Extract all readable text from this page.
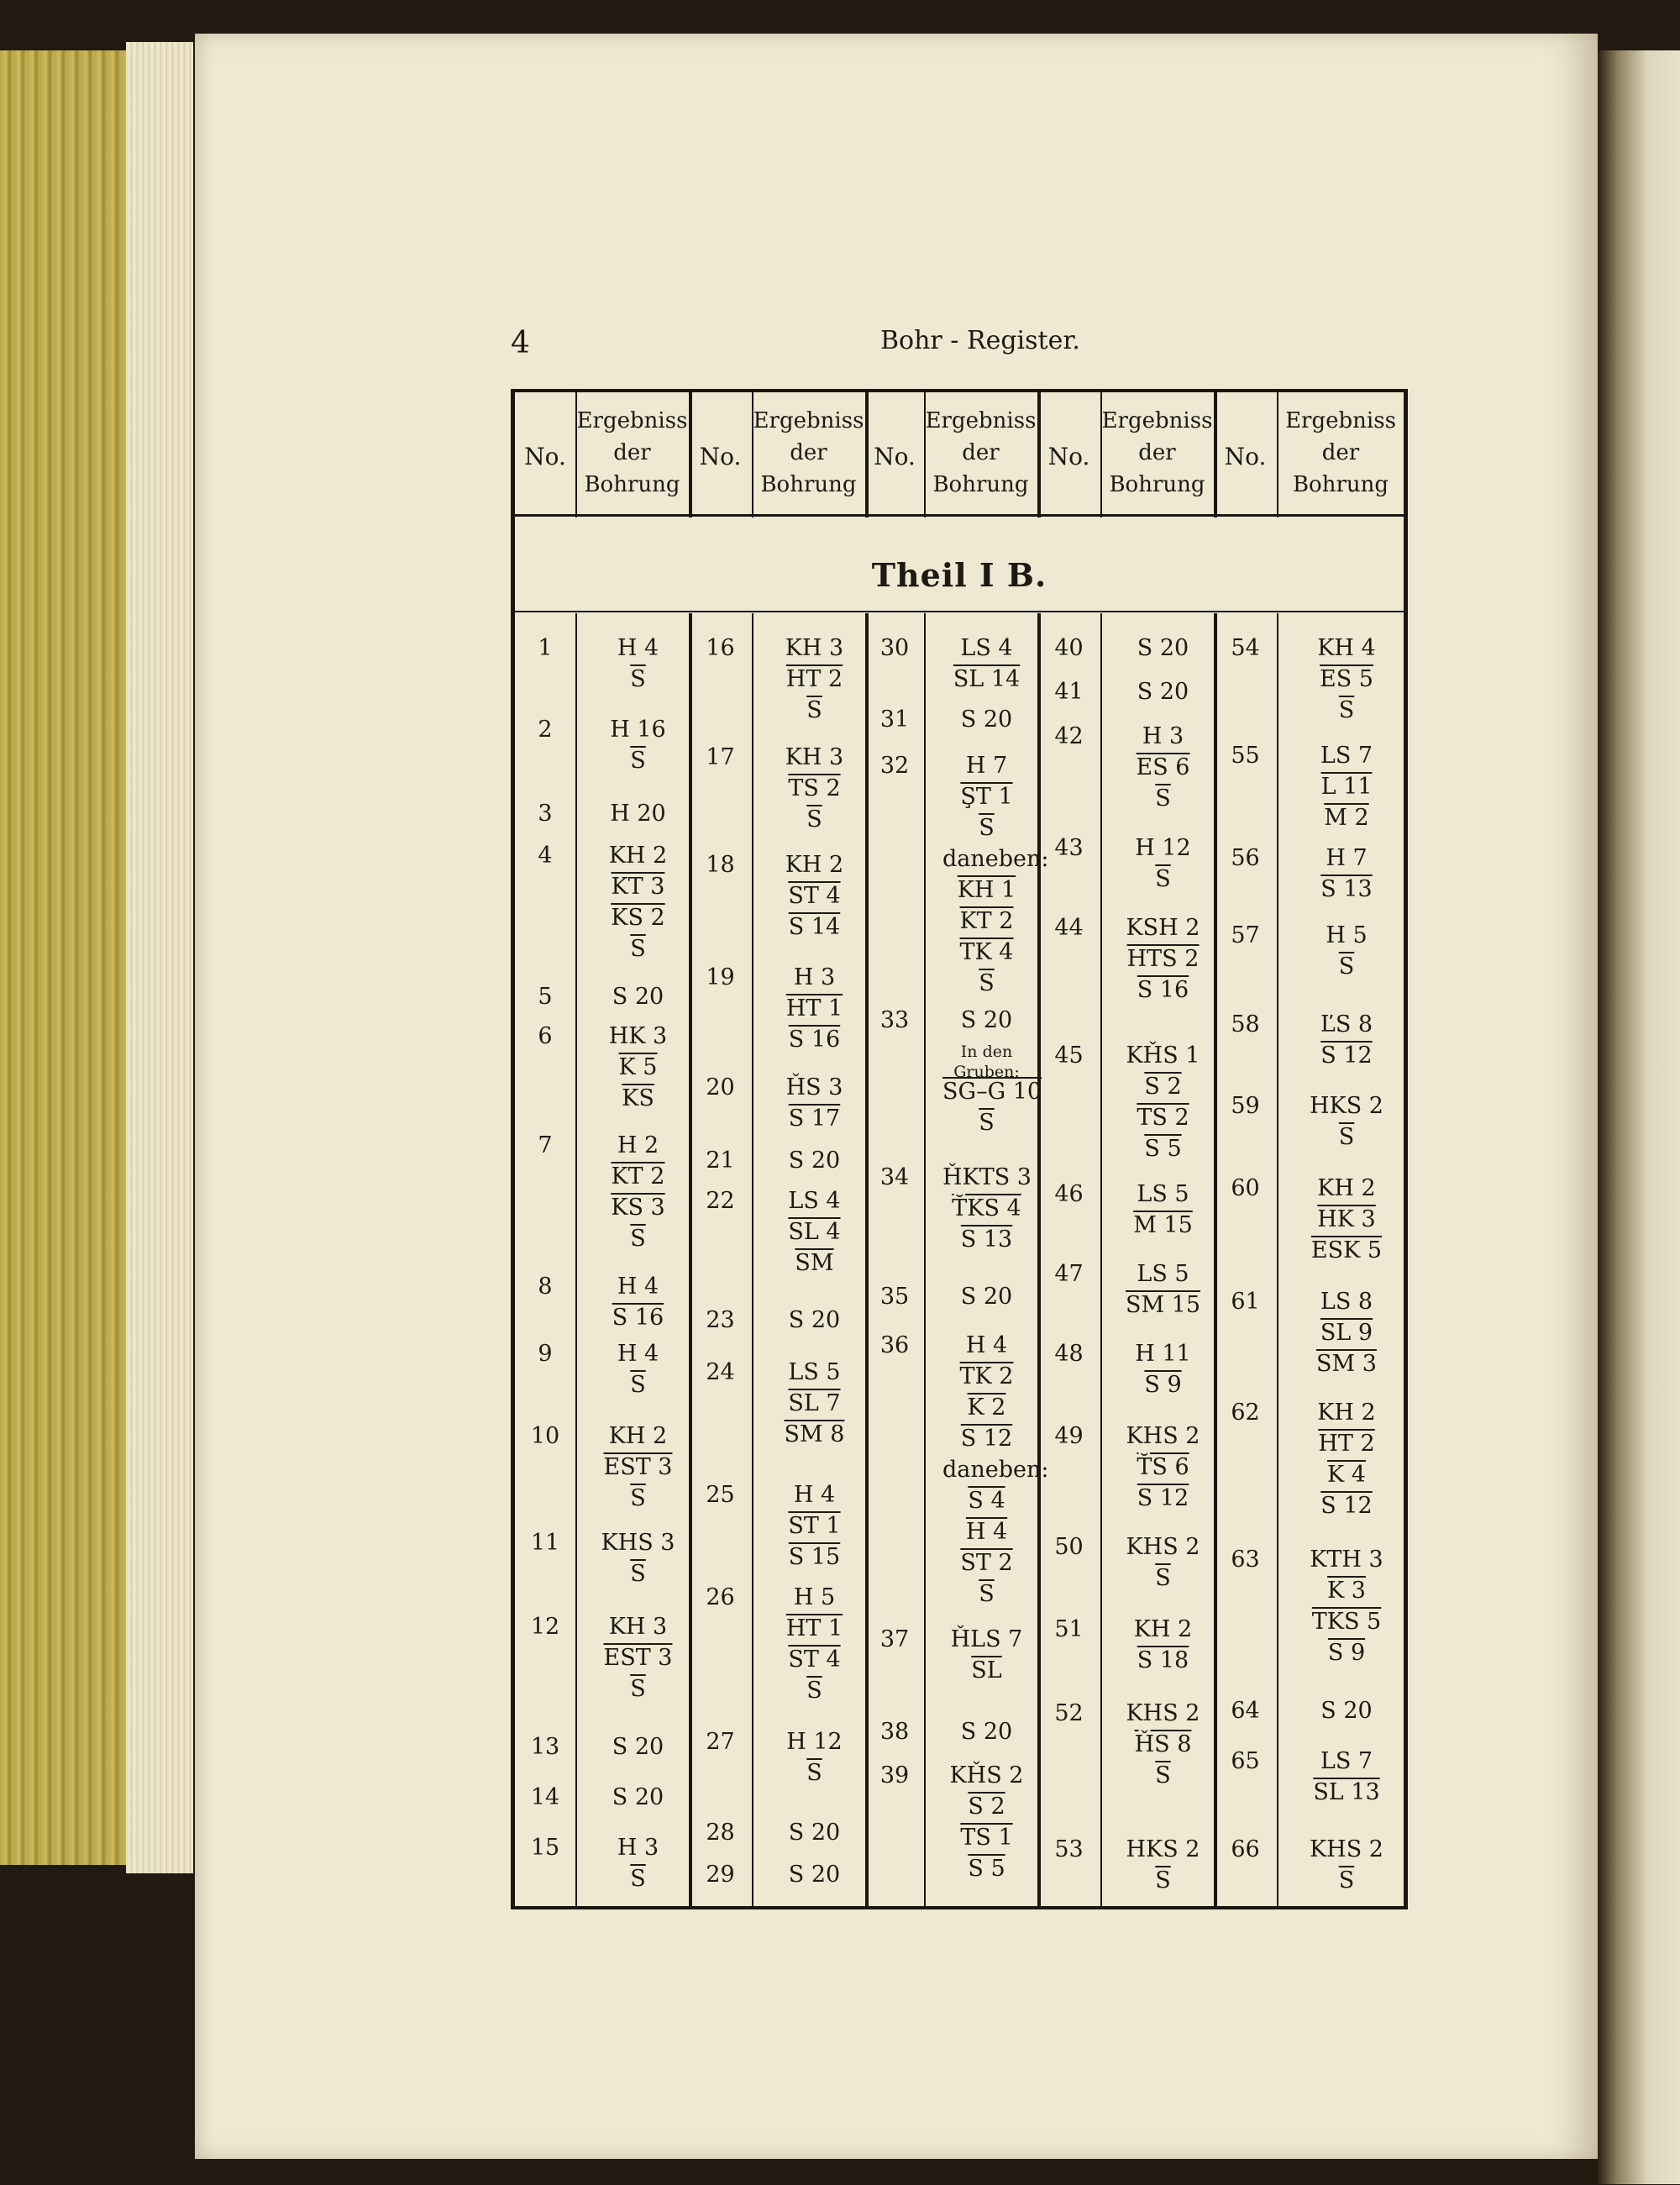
4	Bohr - Register.
Theil I B.
No.
Ergebniss
der
Bohrung
No.
Ergebniss
der
Bohrung
No.
Ergebniss
der
Bohrung
No.
Ergebniss
der
Bohrung
No.
Ergebniss
der
Bohrung
1	H 4
$\overline{S}$
2	H 16
$\overline{S}$
3	H 20
4	KH 2
KT 3
KS 2
$\overline{S}$
5	S 20
6	HK 3
K 5
$\overline{KS}$
7	H 2
KT 2
KS 3
$\overline{S}$
8	H 4
S 16
9	H 4
$\overline{S}$
10	KH 2
EST 3
$\overline{S}$
11	KHS 3
$\overline{S}$
12	KH 3
EST 3
$\overline{S}$
13	S 20
14	S 20
15	H 3
$\overline{S}$
16	KH 3
HT 2
$\overline{S}$
17	KH 3
TS 2
$\overline{S}$
18	KH 2
ST 4
S 14
19	H 3
HT 1
S 16
20	ȞS 3
S 17
21	S 20
22	LS 4
SL 4
$\overline{SM}$
23	S 20
24	LS 5
SL 7
SM 8
25	H 4
ST 1
S 15
26	H 5
HT 1
ST 4
$\overline{S}$
27	H 12
$\overline{S}$
28	S 20
29	S 20
30	LS 4
SL 14
31	S 20
32	H 7
ŞT 1
$\overline{S}$
daneben:
KH 1
KT 2
TK 4
$\overline{S}$
33	S 20
In den
Gruben:
SG–G 10
$\overline{S}$
34	ȞKTS 3
T̆KS 4
S 13
35	S 20
36	H 4
TK 2
K 2
S 12
daneben:
S 4
H 4
ST 2
$\overline{S}$
37	ȞLS 7
$\overline{SL}$
38	S 20
39	KȞS 2
S 2
TS 1
S 5
40	S 20
41	S 20
42	H 3
ES 6
$\overline{S}$
43	H 12
$\overline{S}$
44	KSH 2
HTS 2
S 16
45	KȞS 1
S 2
TS 2
S 5
46	LS 5
M 15
47	LS 5
SM 15
48	H 11
S 9
49	KHS 2
T̆S 6
S 12
50	KHS 2
$\overline{S}$
51	KH 2
S 18
52	KHS 2
ȞS 8
$\overline{S}$
53	HKS 2
$\overline{S}$
54	KH 4
ES 5
$\overline{S}$
55	LS 7
L 11
M 2
56	H 7
S 13
57	H 5
$\overline{S}$
58	ĽS 8
S 12
59	HKS 2
$\overline{S}$
60	KH 2
HK 3
ESK 5
61	LS 8
SL 9
SM 3
62	KH 2
HT 2
K 4
S 12
63	KTH 3
K 3
TKS 5
S 9
64	S 20
65	LS 7
SL 13
66	KHS 2
$\overline{S}$
